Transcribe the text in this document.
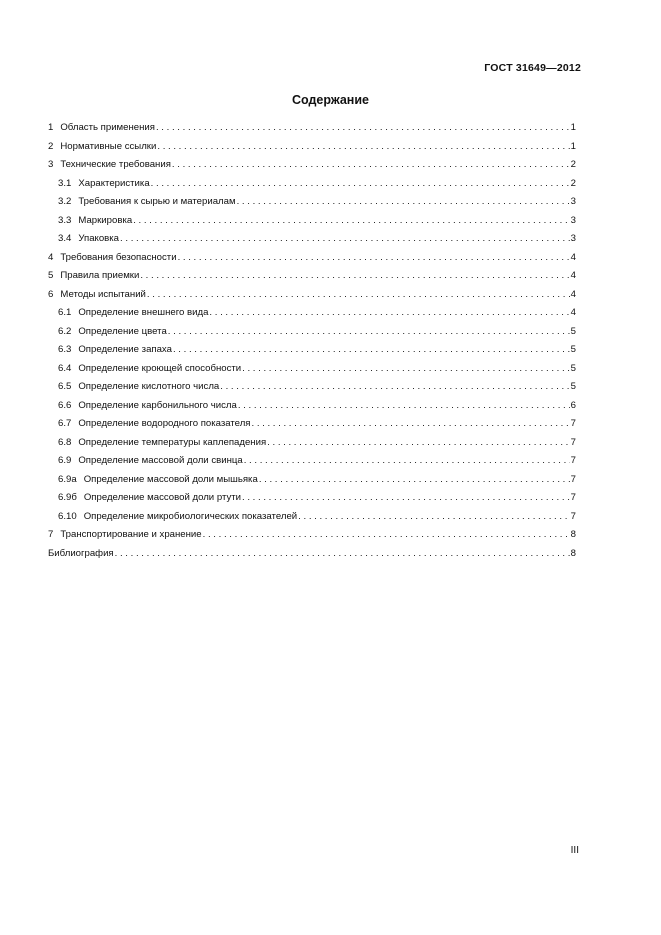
ГОСТ 31649—2012
Содержание
1 Область применения . . .	1
2 Нормативные ссылки . . .	1
3 Технические требования . . .	2
3.1 Характеристика . . .	2
3.2 Требования к сырью и материалам . . .	3
3.3 Маркировка . . .	3
3.4 Упаковка . . .	3
4 Требования безопасности . . .	4
5 Правила приемки . . .	4
6 Методы испытаний . . .	4
6.1 Определение внешнего вида . . .	4
6.2 Определение цвета . . .	5
6.3 Определение запаха . . .	5
6.4 Определение кроющей способности . . .	5
6.5 Определение кислотного числа . . .	5
6.6 Определение карбонильного числа . . .	6
6.7 Определение водородного показателя . . .	7
6.8 Определение температуры каплепадения . . .	7
6.9 Определение массовой доли свинца . . .	7
6.9а Определение массовой доли мышьяка . . .	7
6.9б Определение массовой доли ртути . . .	7
6.10 Определение микробиологических показателей . . .	7
7 Транспортирование и хранение . . .	8
Библиография . . .	8
III
